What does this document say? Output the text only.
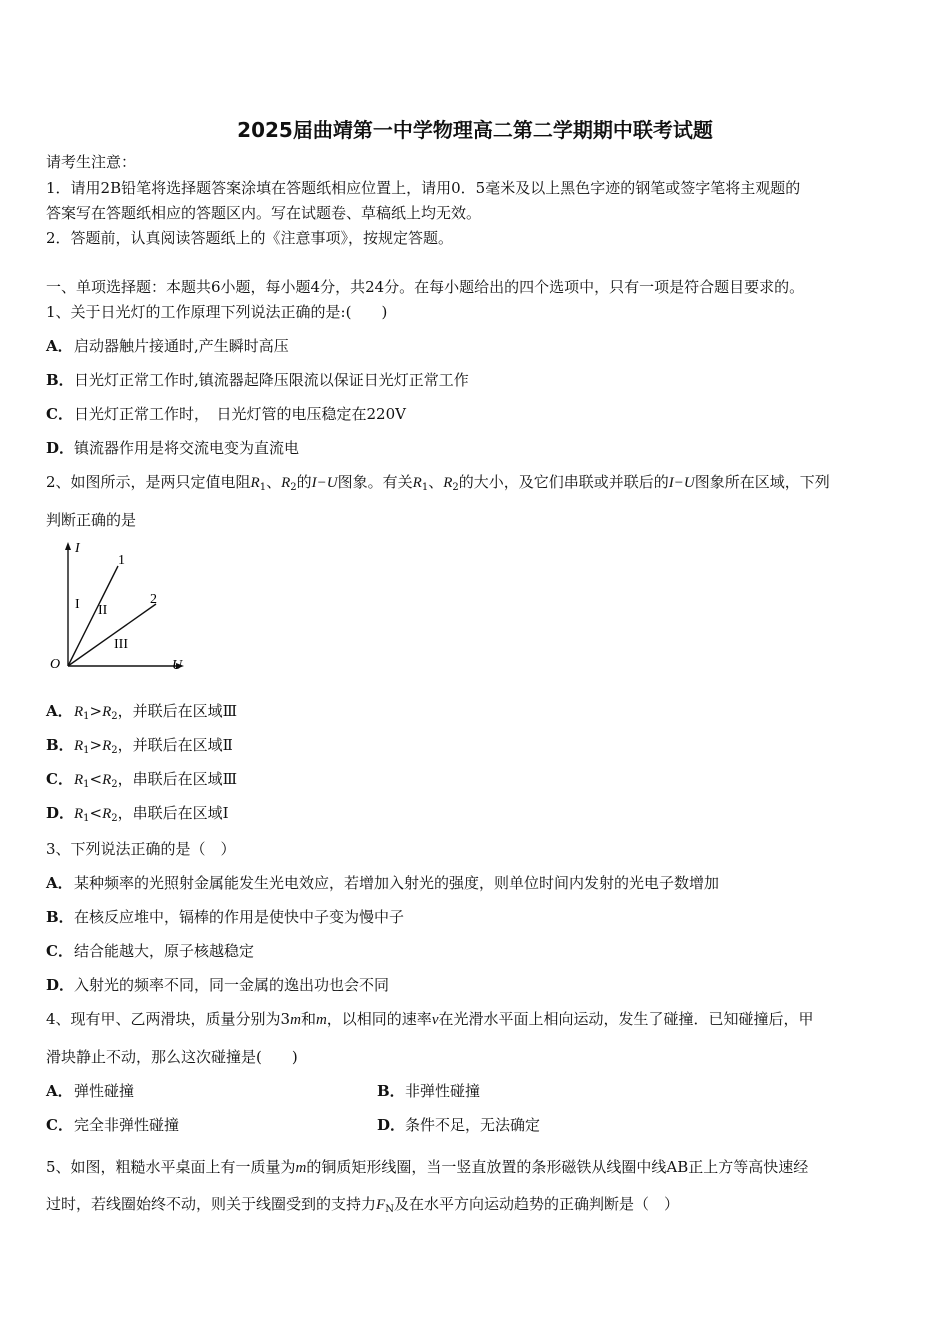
2025届曲靖第一中学物理高二第二学期期中联考试题
请考生注意：
1．请用2B铅笔将选择题答案涂填在答题纸相应位置上，请用0．5毫米及以上黑色字迹的钢笔或签字笔将主观题的
答案写在答题纸相应的答题区内。写在试题卷、草稿纸上均无效。
2．答题前，认真阅读答题纸上的《注意事项》，按规定答题。
一、单项选择题：本题共6小题，每小题4分，共24分。在每小题给出的四个选项中，只有一项是符合题目要求的。
1、关于日光灯的工作原理下列说法正确的是:(　　)
A．启动器触片接通时,产生瞬时高压
B．日光灯正常工作时,镇流器起降压限流以保证日光灯正常工作
C．日光灯正常工作时，　日光灯管的电压稳定在220V
D．镇流器作用是将交流电变为直流电
2、如图所示，是两只定值电阻$R_1$、$R_2$的I−U图象。有关$R_1$、$R_2$的大小，及它们串联或并联后的I−U图象所在区域，下列
判断正确的是
I
U
O
1
2
I II
III
A．$R_1>R_2$，并联后在区域Ⅲ
B．$R_1>R_2$，并联后在区域Ⅱ
C．$R_1<R_2$，串联后在区域Ⅲ
D．$R_1<R_2$，串联后在区域Ⅰ
3、下列说法正确的是（　）
A．某种频率的光照射金属能发生光电效应，若增加入射光的强度，则单位时间内发射的光电子数增加
B．在核反应堆中，镉棒的作用是使快中子变为慢中子
C．结合能越大，原子核越稳定
D．入射光的频率不同，同一金属的逸出功也会不同
4、现有甲、乙两滑块，质量分别为3m和m，以相同的速率v在光滑水平面上相向运动，发生了碰撞．已知碰撞后，甲
滑块静止不动，那么这次碰撞是(　　)
A．弹性碰撞	B．非弹性碰撞
C．完全非弹性碰撞	D．条件不足，无法确定
5、如图，粗糙水平桌面上有一质量为m的铜质矩形线圈，当一竖直放置的条形磁铁从线圈中线AB正上方等高快速经
过时，若线圈始终不动，则关于线圈受到的支持力$F_N$及在水平方向运动趋势的正确判断是（　）
